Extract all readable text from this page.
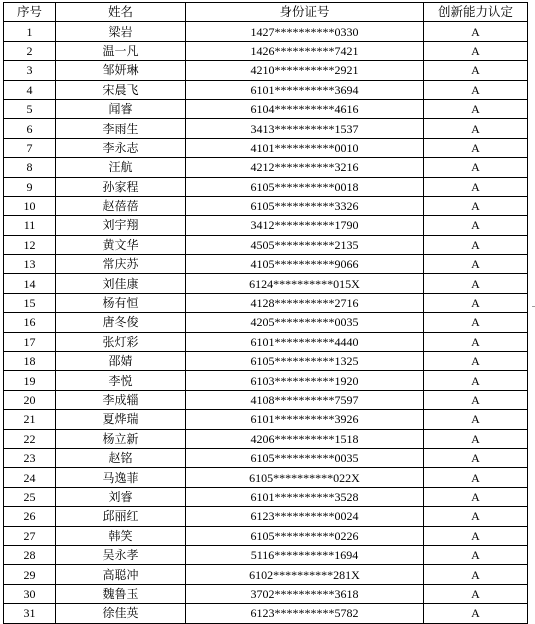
序号	姓名	身份证号	创新能力认定
1	梁岩	1427**********0330	A
2	温一凡	1426**********7421	A
3	邹妍琳	4210**********2921	A
4	宋晨飞	6101**********3694	A
5	闻睿	6104**********4616	A
6	李雨生	3413**********1537	A
7	李永志	4101**********0010	A
8	汪航	4212**********3216	A
9	孙家程	6105**********0018	A
10	赵蓓蓓	6105**********3326	A
11	刘宇翔	3412**********1790	A
12	黄文华	4505**********2135	A
13	常庆苏	4105**********9066	A
14	刘佳康	6124**********015X	A
15	杨有恒	4128**********2716	A
16	唐冬俊	4205**********0035	A
17	张灯彩	6101**********4440	A
18	邵婧	6105**********1325	A
19	李悦	6103**********1920	A
20	李成辎	4108**********7597	A
21	夏烨瑞	6101**********3926	A
22	杨立新	4206**********1518	A
23	赵铭	6105**********0035	A
24	马逸菲	6105**********022X	A
25	刘睿	6101**********3528	A
26	邱丽红	6123**********0024	A
27	韩笑	6105**********0226	A
28	吴永孝	5116**********1694	A
29	高聪冲	6102**********281X	A
30	魏鲁玉	3702**********3618	A
31	徐佳英	6123**********5782	A
